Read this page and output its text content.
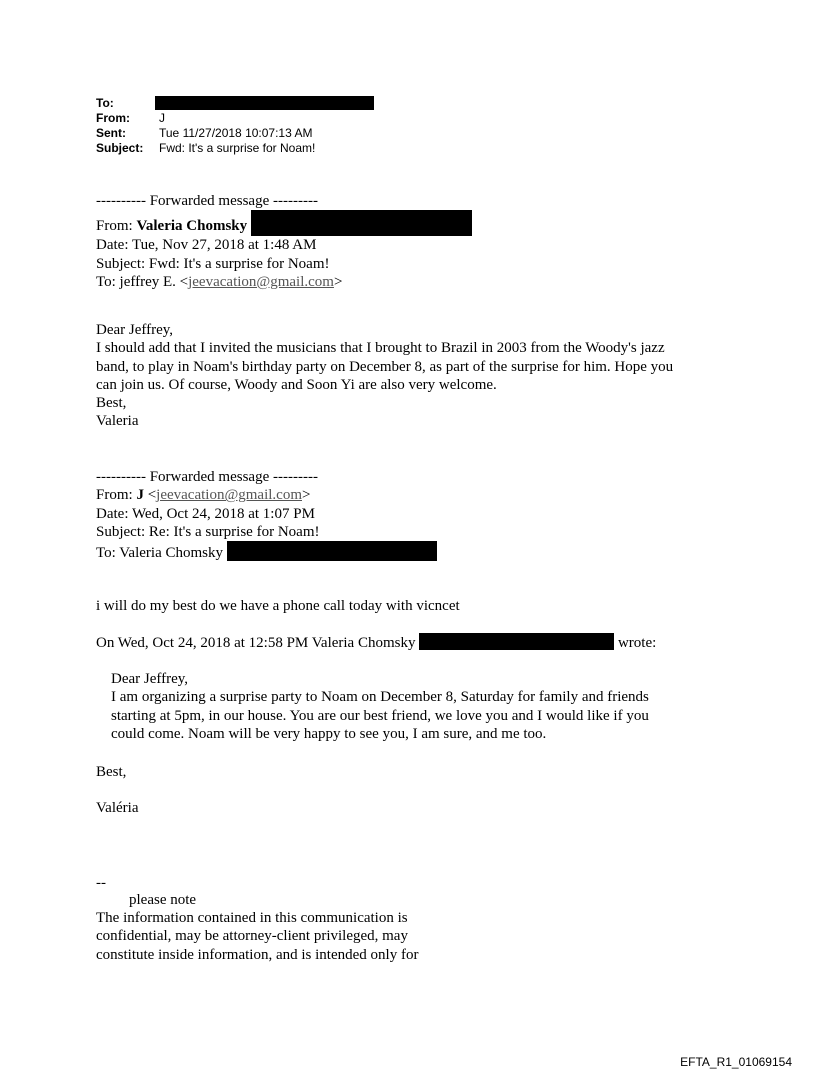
To:
From:	J
Sent:	Tue 11/27/2018 10:07:13 AM
Subject:	Fwd: It's a surprise for Noam!
---------- Forwarded message ---------
From: Valeria Chomsky
Date: Tue, Nov 27, 2018 at 1:48 AM
Subject: Fwd: It's a surprise for Noam!
To: jeffrey E. <jeevacation@gmail.com>
Dear Jeffrey,
I should add that I invited the musicians that I brought to Brazil in 2003 from the Woody's jazz
band, to play in Noam's birthday party on December 8, as part of the surprise for him. Hope you
can join us. Of course, Woody and Soon Yi are also very welcome.
Best,
Valeria
---------- Forwarded message ---------
From: J <jeevacation@gmail.com>
Date: Wed, Oct 24, 2018 at 1:07 PM
Subject: Re: It's a surprise for Noam!
To: Valeria Chomsky
i will do my best do we have a phone call today with vicncet
On Wed, Oct 24, 2018 at 12:58 PM Valeria Chomsky	wrote:
Dear Jeffrey,
I am organizing a surprise party to Noam on December 8, Saturday for family and friends
starting at 5pm, in our house. You are our best friend, we love you and I would like if you
could come. Noam will be very happy to see you, I am sure, and me too.
Best,
Valéria
--
please note
The information contained in this communication is
confidential, may be attorney-client privileged, may
constitute inside information, and is intended only for
EFTA_R1_01069154
